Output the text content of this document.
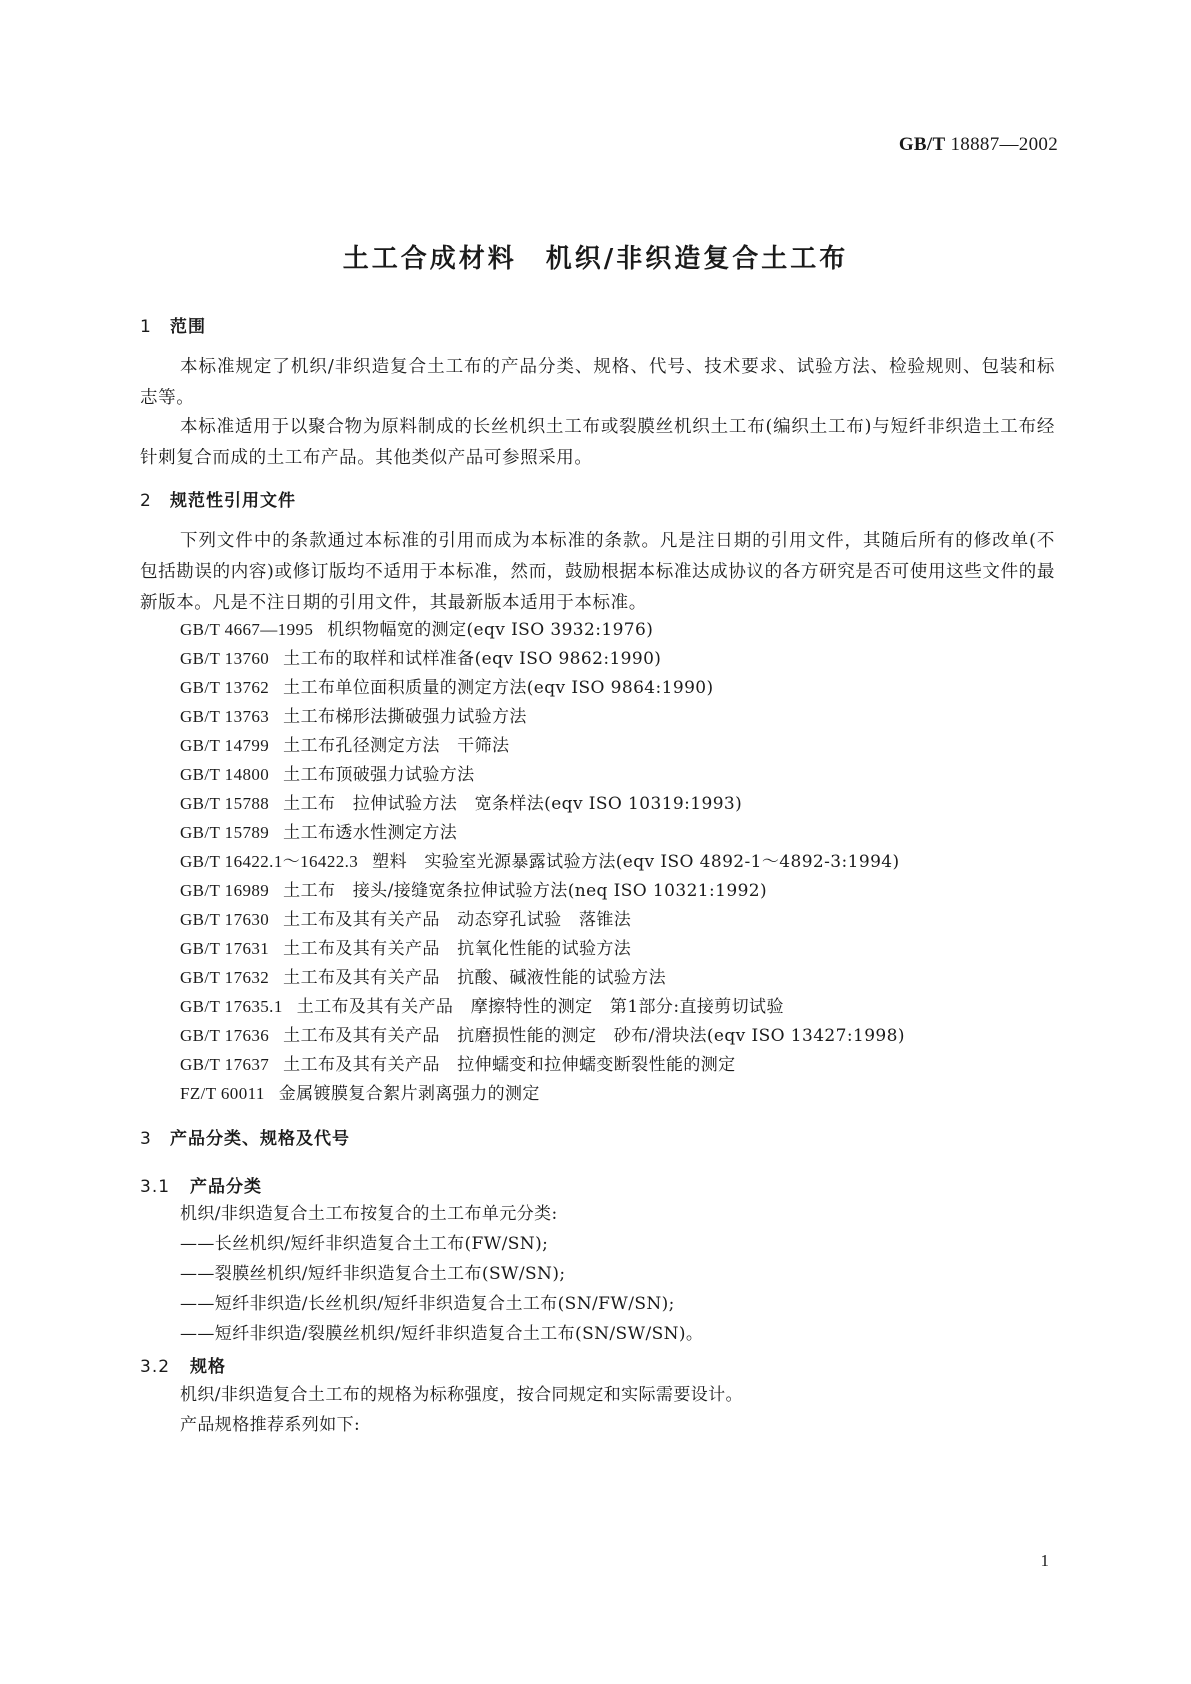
GB/T 18887—2002
土工合成材料　机织/非织造复合土工布
1 范围
本标准规定了机织/非织造复合土工布的产品分类、规格、代号、技术要求、试验方法、检验规则、包装和标志等。
本标准适用于以聚合物为原料制成的长丝机织土工布或裂膜丝机织土工布(编织土工布)与短纤非织造土工布经针刺复合而成的土工布产品。其他类似产品可参照采用。
2 规范性引用文件
下列文件中的条款通过本标准的引用而成为本标准的条款。凡是注日期的引用文件，其随后所有的修改单(不包括勘误的内容)或修订版均不适用于本标准，然而，鼓励根据本标准达成协议的各方研究是否可使用这些文件的最新版本。凡是不注日期的引用文件，其最新版本适用于本标准。
GB/T 4667—1995 机织物幅宽的测定(eqv ISO 3932:1976)
GB/T 13760 土工布的取样和试样准备(eqv ISO 9862:1990)
GB/T 13762 土工布单位面积质量的测定方法(eqv ISO 9864:1990)
GB/T 13763 土工布梯形法撕破强力试验方法
GB/T 14799 土工布孔径测定方法　干筛法
GB/T 14800 土工布顶破强力试验方法
GB/T 15788 土工布　拉伸试验方法　宽条样法(eqv ISO 10319:1993)
GB/T 15789 土工布透水性测定方法
GB/T 16422.1～16422.3 塑料　实验室光源暴露试验方法(eqv ISO 4892-1～4892-3:1994)
GB/T 16989 土工布　接头/接缝宽条拉伸试验方法(neq ISO 10321:1992)
GB/T 17630 土工布及其有关产品　动态穿孔试验　落锥法
GB/T 17631 土工布及其有关产品　抗氧化性能的试验方法
GB/T 17632 土工布及其有关产品　抗酸、碱液性能的试验方法
GB/T 17635.1 土工布及其有关产品　摩擦特性的测定　第1部分:直接剪切试验
GB/T 17636 土工布及其有关产品　抗磨损性能的测定　砂布/滑块法(eqv ISO 13427:1998)
GB/T 17637 土工布及其有关产品　拉伸蠕变和拉伸蠕变断裂性能的测定
FZ/T 60011 金属镀膜复合絮片剥离强力的测定
3 产品分类、规格及代号
3.1 产品分类
机织/非织造复合土工布按复合的土工布单元分类:
——长丝机织/短纤非织造复合土工布(FW/SN);
——裂膜丝机织/短纤非织造复合土工布(SW/SN);
——短纤非织造/长丝机织/短纤非织造复合土工布(SN/FW/SN);
——短纤非织造/裂膜丝机织/短纤非织造复合土工布(SN/SW/SN)。
3.2 规格
机织/非织造复合土工布的规格为标称强度，按合同规定和实际需要设计。
产品规格推荐系列如下:
1
